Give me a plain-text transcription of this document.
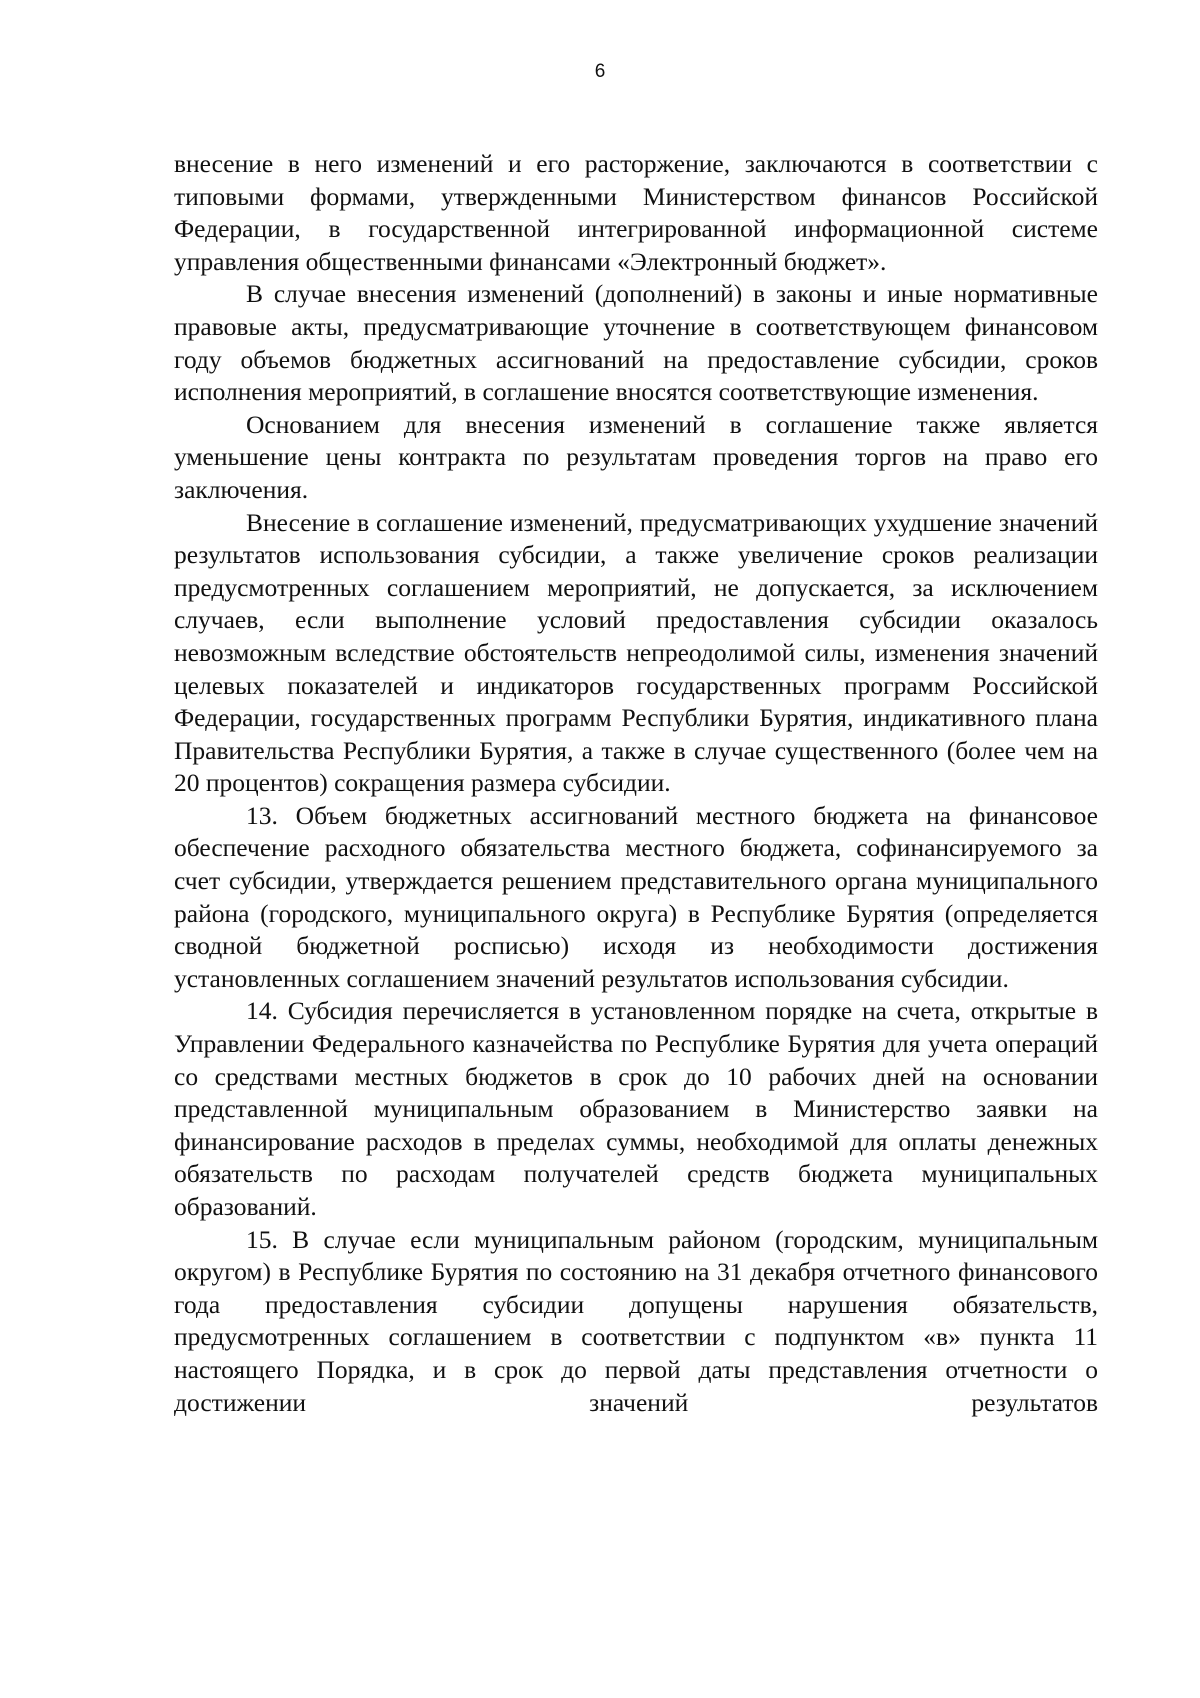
6

внесение в него изменений и его расторжение, заключаются в соответствии с типовыми формами, утвержденными Министерством финансов Российской Федерации, в государственной интегрированной информационной системе управления общественными финансами «Электронный бюджет».

В случае внесения изменений (дополнений) в законы и иные нормативные правовые акты, предусматривающие уточнение в соответствующем финансовом году объемов бюджетных ассигнований на предоставление субсидии, сроков исполнения мероприятий, в соглашение вносятся соответствующие изменения.

Основанием для внесения изменений в соглашение также является уменьшение цены контракта по результатам проведения торгов на право его заключения.

Внесение в соглашение изменений, предусматривающих ухудшение значений результатов использования субсидии, а также увеличение сроков реализации предусмотренных соглашением мероприятий, не допускается, за исключением случаев, если выполнение условий предоставления субсидии оказалось невозможным вследствие обстоятельств непреодолимой силы, изменения значений целевых показателей и индикаторов государственных программ Российской Федерации, государственных программ Республики Бурятия, индикативного плана Правительства Республики Бурятия, а также в случае существенного (более чем на 20 процентов) сокращения размера субсидии.

13. Объем бюджетных ассигнований местного бюджета на финансовое обеспечение расходного обязательства местного бюджета, софинансируемого за счет субсидии, утверждается решением представительного органа муниципального района (городского, муниципального округа) в Республике Бурятия (определяется сводной бюджетной росписью) исходя из необходимости достижения установленных соглашением значений результатов использования субсидии.

14. Субсидия перечисляется в установленном порядке на счета, открытые в Управлении Федерального казначейства по Республике Бурятия для учета операций со средствами местных бюджетов в срок до 10 рабочих дней на основании представленной муниципальным образованием в Министерство заявки на финансирование расходов в пределах суммы, необходимой для оплаты денежных обязательств по расходам получателей средств бюджета муниципальных образований.

15. В случае если муниципальным районом (городским, муниципальным округом) в Республике Бурятия по состоянию на 31 декабря отчетного финансового года предоставления субсидии допущены нарушения обязательств, предусмотренных соглашением в соответствии с подпунктом «в» пункта 11 настоящего Порядка, и в срок до первой даты представления отчетности о достижении значений результатов
